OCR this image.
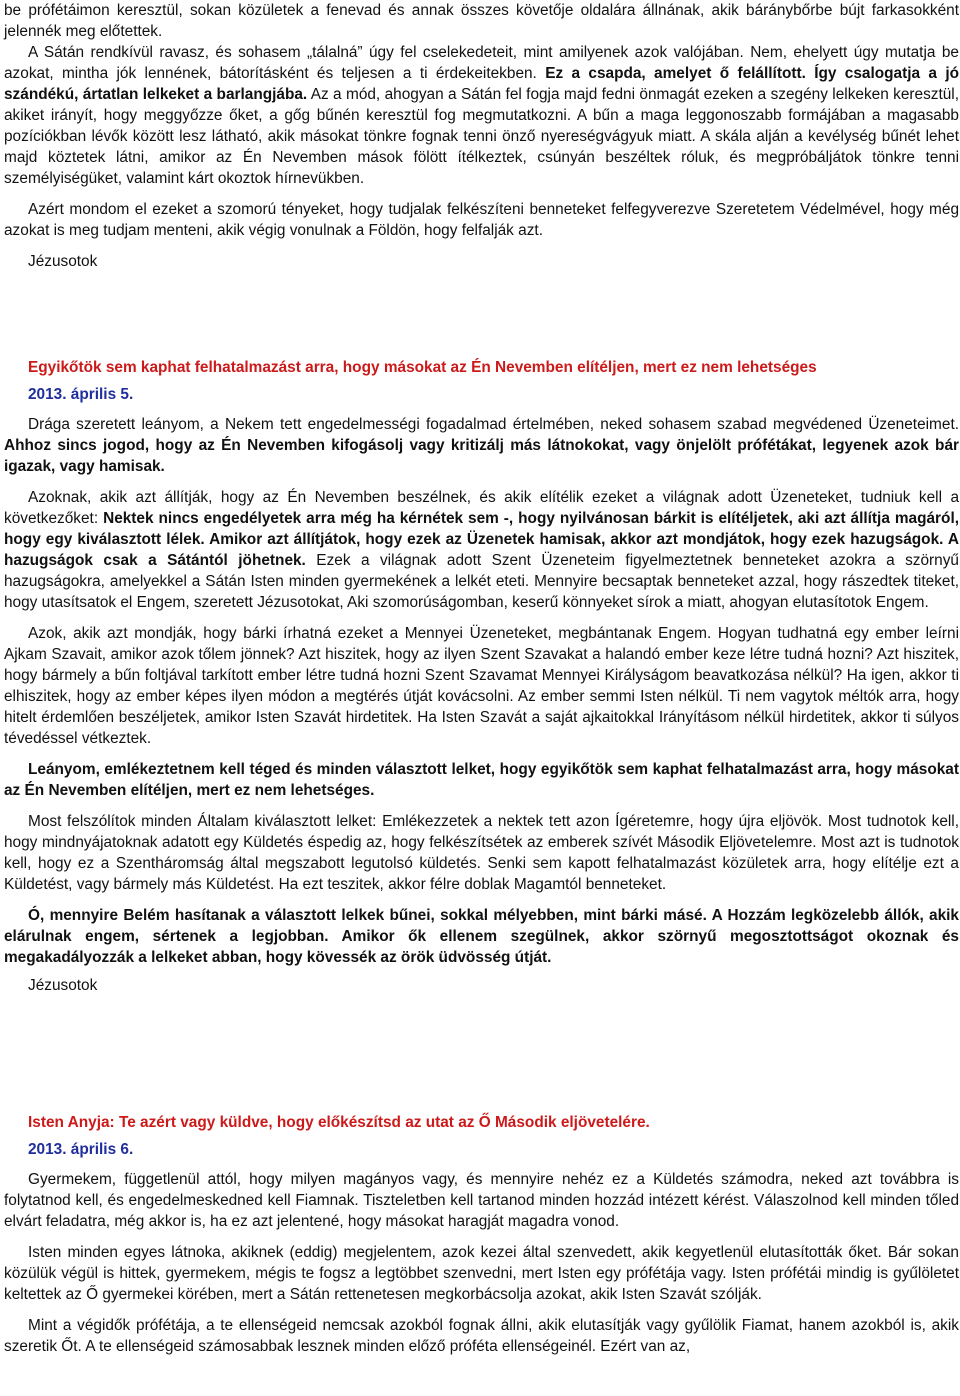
be prófétáimon keresztül, sokan közületek a fenevad és annak összes követője oldalára állnának, akik báránybőrbe bújt farkasokként jelennék meg előtettek.

A Sátán rendkívül ravasz, és sohasem „tálalná” úgy fel cselekedeteit, mint amilyenek azok valójában. Nem, ehelyett úgy mutatja be azokat, mintha jók lennének, bátorításként és teljesen a ti érdekeitekben. Ez a csapda, amelyet ő felállított. Így csalogatja a jó szándékú, ártatlan lelkeket a barlangjába. Az a mód, ahogyan a Sátán fel fogja majd fedni önmagát ezeken a szegény lelkeken keresztül, akiket irányít, hogy meggyőzze őket, a gőg bűnén keresztül fog megmutatkozni. A bűn a maga leggonoszabb formájában a magasabb pozíciókban lévők között lesz látható, akik másokat tönkre fognak tenni önző nyereségvágyuk miatt. A skála alján a kevélység bűnét lehet majd köztetek látni, amikor az Én Nevemben mások fölött ítélkeztek, csúnyán beszéltek róluk, és megpróbáljátok tönkre tenni személyiségüket, valamint kárt okoztok hírnevükben.

Azért mondom el ezeket a szomorú tényeket, hogy tudjalak felkészíteni benneteket felfegyverezve Szeretetem Védelmével, hogy még azokat is meg tudjam menteni, akik végig vonulnak a Földön, hogy felfalják azt.

Jézusotok

Egyikőtök sem kaphat felhatalmazást arra, hogy másokat az Én Nevemben elítéljen, mert ez nem lehetséges

2013. április 5.

Drága szeretett leányom, a Nekem tett engedelmességi fogadalmad értelmében, neked sohasem szabad megvédened Üzeneteimet. Ahhoz sincs jogod, hogy az Én Nevemben kifogásolj vagy kritizálj más látnokokat, vagy önjelölt prófétákat, legyenek azok bár igazak, vagy hamisak.

Azoknak, akik azt állítják, hogy az Én Nevemben beszélnek, és akik elítélik ezeket a világnak adott Üzeneteket, tudniuk kell a következőket: Nektek nincs engedélyetek arra még ha kérnétek sem -, hogy nyilvánosan bárkit is elítéljetek, aki azt állítja magáról, hogy egy kiválasztott lélek. Amikor azt állítjátok, hogy ezek az Üzenetek hamisak, akkor azt mondjátok, hogy ezek hazugságok. A hazugságok csak a Sátántól jöhetnek. Ezek a világnak adott Szent Üzeneteim figyelmeztetnek benneteket azokra a szörnyű hazugságokra, amelyekkel a Sátán Isten minden gyermekének a lelkét eteti. Mennyire becsaptak benneteket azzal, hogy rászedtek titeket, hogy utasítsatok el Engem, szeretett Jézusotokat, Aki szomorúságomban, keserű könnyeket sírok a miatt, ahogyan elutasítotok Engem.

Azok, akik azt mondják, hogy bárki írhatná ezeket a Mennyei Üzeneteket, megbántanak Engem. Hogyan tudhatná egy ember leírni Ajkam Szavait, amikor azok tőlem jönnek? Azt hiszitek, hogy az ilyen Szent Szavakat a halandó ember keze létre tudná hozni? Azt hiszitek, hogy bármely a bűn foltjával tarkított ember létre tudná hozni Szent Szavamat Mennyei Királyságom beavatkozása nélkül? Ha igen, akkor ti elhiszitek, hogy az ember képes ilyen módon a megtérés útját kovácsolni. Az ember semmi Isten nélkül. Ti nem vagytok méltók arra, hogy hitelt érdemlően beszéljetek, amikor Isten Szavát hirdetitek. Ha Isten Szavát a saját ajkaitokkal Irányításom nélkül hirdetitek, akkor ti súlyos tévedéssel vétkeztek.

Leányom, emlékeztetnem kell téged és minden választott lelket, hogy egyikőtök sem kaphat felhatalmazást arra, hogy másokat az Én Nevemben elítéljen, mert ez nem lehetséges.

Most felszólítok minden Általam kiválasztott lelket: Emlékezzetek a nektek tett azon Ígéretemre, hogy újra eljövök. Most tudnotok kell, hogy mindnyájatoknak adatott egy Küldetés éspedig az, hogy felkészítsétek az emberek szívét Második Eljövetelemre. Most azt is tudnotok kell, hogy ez a Szentháromság által megszabott legutolsó küldetés. Senki sem kapott felhatalmazást közületek arra, hogy elítélje ezt a Küldetést, vagy bármely más Küldetést. Ha ezt teszitek, akkor félre doblak Magamtól benneteket.

Ó, mennyire Belém hasítanak a választott lelkek bűnei, sokkal mélyebben, mint bárki másé. A Hozzám legközelebb állók, akik elárulnak engem, sértenek a legjobban. Amikor ők ellenem szegülnek, akkor szörnyű megosztottságot okoznak és megakadályozzák a lelkeket abban, hogy kövessék az örök üdvösség útját.

Jézusotok

Isten Anyja: Te azért vagy küldve, hogy előkészítsd az utat az Ő Második eljövetelére.

2013. április 6.

Gyermekem, függetlenül attól, hogy milyen magányos vagy, és mennyire nehéz ez a Küldetés számodra, neked azt továbbra is folytatnod kell, és engedelmeskedned kell Fiamnak. Tiszteletben kell tartanod minden hozzád intézett kérést. Válaszolnod kell minden tőled elvárt feladatra, még akkor is, ha ez azt jelentené, hogy másokat haragját magadra vonod.

Isten minden egyes látnoka, akiknek (eddig) megjelentem, azok kezei által szenvedett, akik kegyetlenül elutasították őket. Bár sokan közülük végül is hittek, gyermekem, mégis te fogsz a legtöbbet szenvedni, mert Isten egy prófétája vagy. Isten prófétái mindig is gyűlöletet keltettek az Ő gyermekei körében, mert a Sátán rettenetesen megkorbácsolja azokat, akik Isten Szavát szólják.

Mint a végidők prófétája, a te ellenségeid nemcsak azokból fognak állni, akik elutasítják vagy gyűlölik Fiamat, hanem azokból is, akik szeretik Őt. A te ellenségeid számosabbak lesznek minden előző próféta ellenségeinél. Ezért van az,
